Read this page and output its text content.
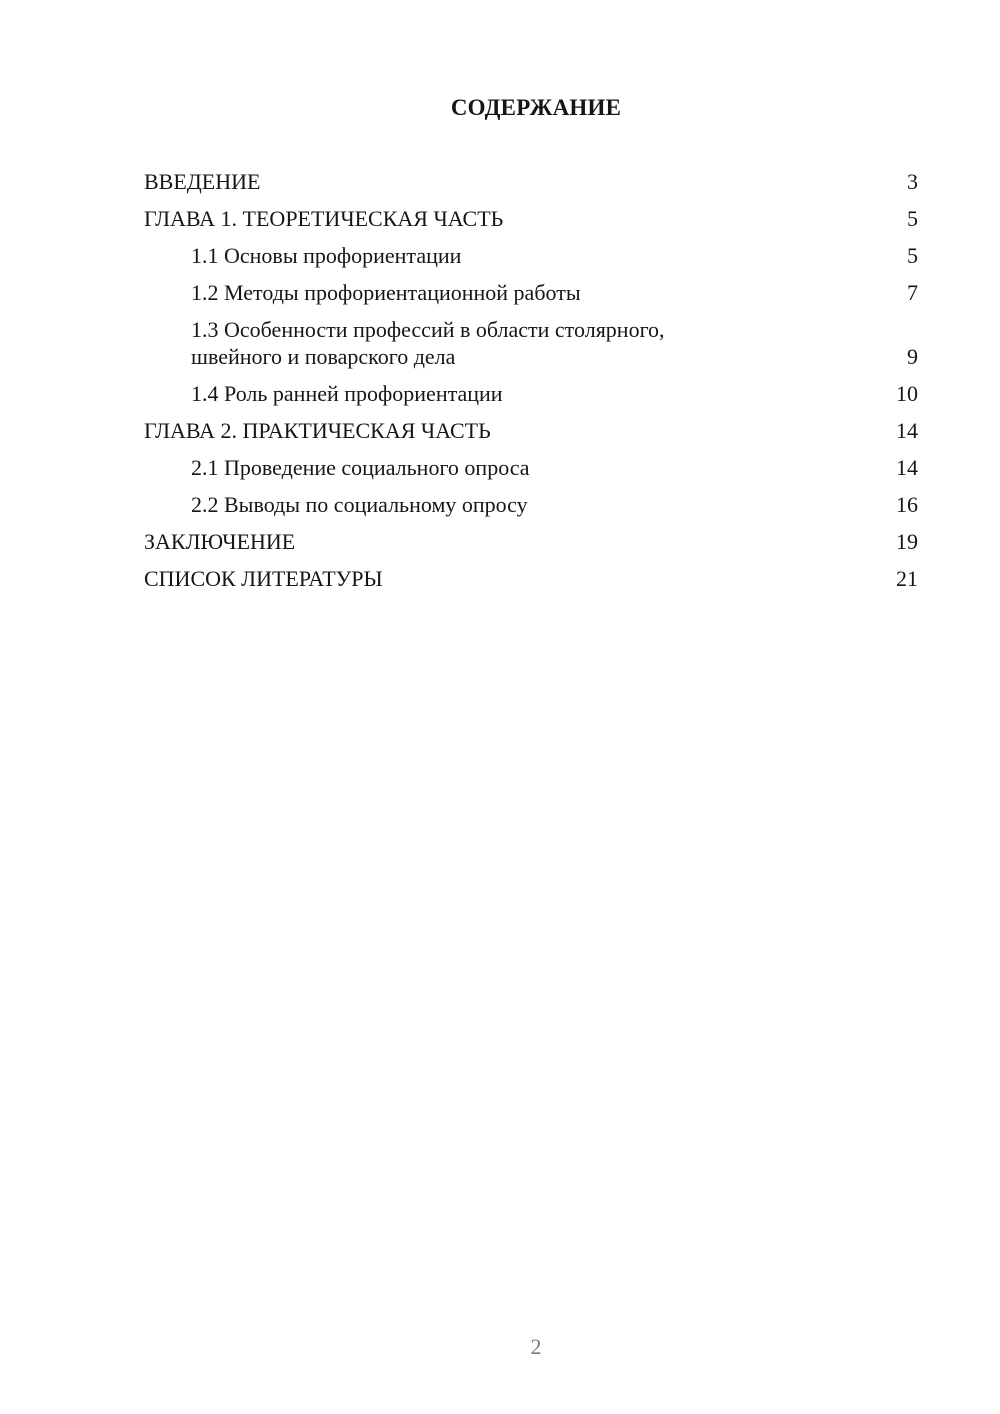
СОДЕРЖАНИЕ
ВВЕДЕНИЕ	3
ГЛАВА 1. ТЕОРЕТИЧЕСКАЯ ЧАСТЬ	5
1.1 Основы профориентации	5
1.2 Методы профориентационной работы	7
1.3 Особенности профессий в области столярного, швейного и поварского дела	9
1.4 Роль ранней профориентации	10
ГЛАВА 2. ПРАКТИЧЕСКАЯ ЧАСТЬ	14
2.1 Проведение социального опроса	14
2.2 Выводы по социальному опросу	16
ЗАКЛЮЧЕНИЕ	19
СПИСОК ЛИТЕРАТУРЫ	21
2
